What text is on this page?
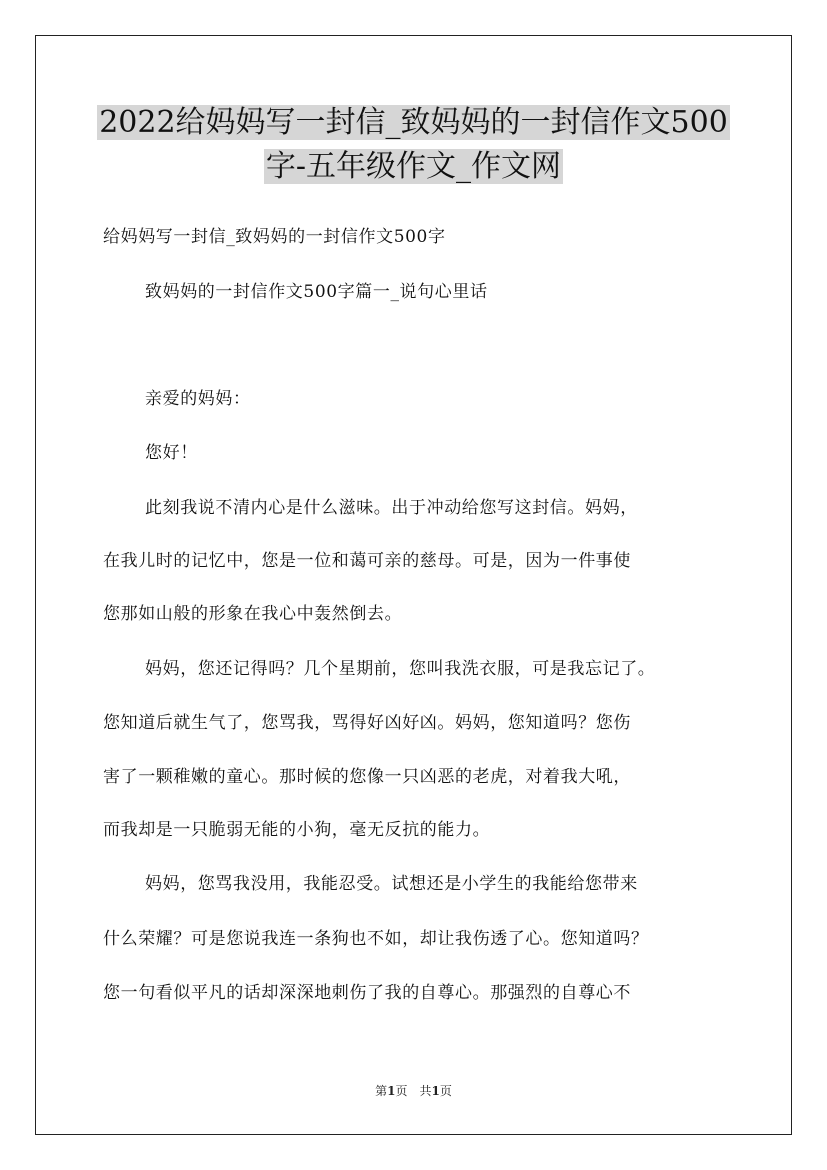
2022给妈妈写一封信_致妈妈的一封信作文500
字-五年级作文_作文网
给妈妈写一封信_致妈妈的一封信作文500字
致妈妈的一封信作文500字篇一_说句心里话
亲爱的妈妈：
您好！
此刻我说不清内心是什么滋味。出于冲动给您写这封信。妈妈，
在我儿时的记忆中，您是一位和蔼可亲的慈母。可是，因为一件事使
您那如山般的形象在我心中轰然倒去。
妈妈，您还记得吗？几个星期前，您叫我洗衣服，可是我忘记了。
您知道后就生气了，您骂我，骂得好凶好凶。妈妈，您知道吗？您伤
害了一颗稚嫩的童心。那时候的您像一只凶恶的老虎，对着我大吼，
而我却是一只脆弱无能的小狗，毫无反抗的能力。
妈妈，您骂我没用，我能忍受。试想还是小学生的我能给您带来
什么荣耀？可是您说我连一条狗也不如，却让我伤透了心。您知道吗？
您一句看似平凡的话却深深地刺伤了我的自尊心。那强烈的自尊心不
第1页　共1页
